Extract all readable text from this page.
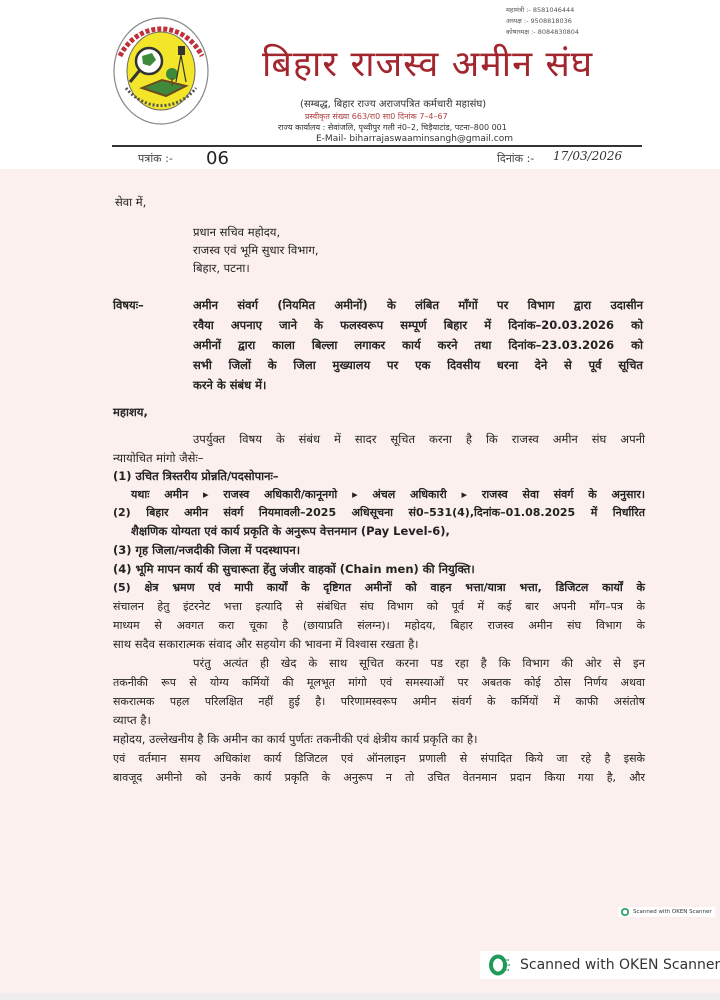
महामंत्री :- 8581046444
अध्यक्ष :- 9508818036
कोषाध्यक्ष :- 8084830804
बिहार राजस्व अमीन संघ
(सम्बद्ध, बिहार राज्य अराजपत्रित कर्मचारी महासंघ)
प्रस्वीकृत संख्या 663/रा0 सा0 दिनांक 7–4–67
राज्य कार्यालय : सेवांजलि, पृथ्वीपुर गली नं0–2, चिड़ैयाटांड, पटना–800 001
E-Mail- biharrajaswaaminsangh@gmail.com
पत्रांक :- 06	दिनांक :- 17/03/2026
सेवा में,
प्रधान सचिव महोदय,
राजस्व एवं भूमि सुधार विभाग,
बिहार, पटना।
विषयः–	अमीन संवर्ग (नियमित अमीनों) के लंबित माँगों पर विभाग द्वारा उदासीन
रवैया अपनाए जाने के फलस्वरूप सम्पूर्ण बिहार में दिनांक–20.03.2026 को
अमीनों द्वारा काला बिल्ला लगाकर कार्य करने तथा दिनांक–23.03.2026 को
सभी जिलों के जिला मुख्यालय पर एक दिवसीय धरना देने से पूर्व सूचित
करने के संबंध में।
महाशय,
उपर्युक्त विषय के संबंध में सादर सूचित करना है कि राजस्व अमीन संघ अपनी
न्यायोचित मांगो जैसेः–
(1) उचित त्रिस्तरीय प्रोन्नति/पदसोपानः–
यथाः अमीन ▸ राजस्व अधिकारी/कानूनगो ▸ अंचल अधिकारी ▸ राजस्व सेवा संवर्ग के अनुसार।
(2) बिहार अमीन संवर्ग नियमावली–2025 अधिसूचना सं0–531(4),दिनांक–01.08.2025 में निर्धारित
शैक्षणिक योग्यता एवं कार्य प्रकृति के अनुरूप वेत्तनमान (Pay Level-6),
(3) गृह जिला/नजदीकी जिला में पदस्थापन।
(4) भूमि मापन कार्य की सुचारूता हेंतु जंजीर वाहकों (Chain men) की नियुक्ति।
(5) क्षेत्र भ्रमण एवं मापी कार्यों के दृष्टिगत अमीनों को वाहन भत्ता/यात्रा भत्ता, डिजिटल कार्यों के
संचालन हेतु इंटरनेट भत्ता इत्यादि से संबंधित संघ विभाग को पूर्व में कई बार अपनी माँग–पत्र के
माध्यम से अवगत करा चूका है (छायाप्रति संलग्न)। महोदय, बिहार राजस्व अमीन संघ विभाग के
साथ सदैव सकारात्मक संवाद और सहयोग की भावना में विश्वास रखता है।
परंतु अत्यंत ही खेद के साथ सूचित करना पड रहा है कि विभाग की ओर से इन
तकनीकी रूप से योग्य कर्मियों की मूलभूत मांगो एवं समस्याओं पर अबतक कोई ठोस निर्णय अथवा
सकरात्मक पहल परिलक्षित नहीं हुई है। परिणामस्वरूप अमीन संवर्ग के कर्मियों में काफी असंतोष
व्याप्त है।
महोदय, उल्लेखनीय है कि अमीन का कार्य पुर्णतः तकनीकी एवं क्षेत्रीय कार्य प्रकृति का है।
एवं वर्तमान समय अधिकांश कार्य डिजिटल एवं ऑनलाइन प्रणाली से संपादित किये जा रहे है इसके
बावजूद अमीनो को उनके कार्य प्रकृति के अनुरूप न तो उचित वेतनमान प्रदान किया गया है, और
Scanned with OKEN Scanner
Scanned with OKEN Scanner
